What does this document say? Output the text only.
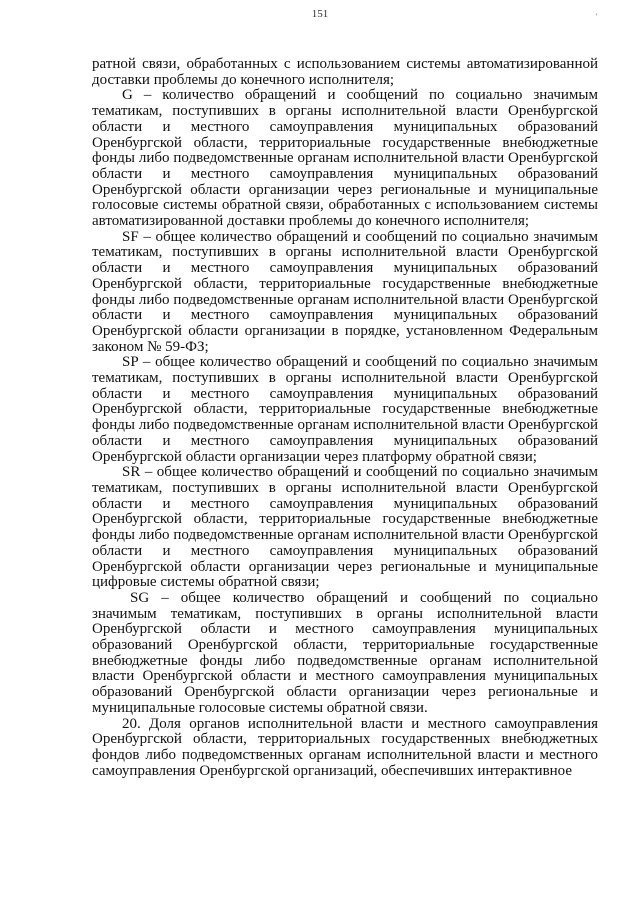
151	'

ратной связи, обработанных с использованием системы автоматизированной доставки проблемы до конечного исполнителя;

G – количество обращений и сообщений по социально значимым тематикам, поступивших в органы исполнительной власти Оренбургской области и местного самоуправления муниципальных образований Оренбургской области, территориальные государственные внебюджетные фонды либо подведомственные органам исполнительной власти Оренбургской области и местного самоуправления муниципальных образований Оренбургской области организации через региональные и муниципальные голосовые системы обратной связи, обработанных с использованием системы автоматизированной доставки проблемы до конечного исполнителя;

SF – общее количество обращений и сообщений по социально значимым тематикам, поступивших в органы исполнительной власти Оренбургской области и местного самоуправления муниципальных образований Оренбургской области, территориальные государственные внебюджетные фонды либо подведомственные органам исполнительной власти Оренбургской области и местного самоуправления муниципальных образований Оренбургской области организации в порядке, установленном Федеральным законом № 59-ФЗ;

SP – общее количество обращений и сообщений по социально значимым тематикам, поступивших в органы исполнительной власти Оренбургской области и местного самоуправления муниципальных образований Оренбургской области, территориальные государственные внебюджетные фонды либо подведомственные органам исполнительной власти Оренбургской области и местного самоуправления муниципальных образований Оренбургской области организации через платформу обратной связи;

SR – общее количество обращений и сообщений по социально значимым тематикам, поступивших в органы исполнительной власти Оренбургской области и местного самоуправления муниципальных образований Оренбургской области, территориальные государственные внебюджетные фонды либо подведомственные органам исполнительной власти Оренбургской области и местного самоуправления муниципальных образований Оренбургской области организации через региональные и муниципальные цифровые системы обратной связи;

SG – общее количество обращений и сообщений по социально значимым тематикам, поступивших в органы исполнительной власти Оренбургской области и местного самоуправления муниципальных образований Оренбургской области, территориальные государственные внебюджетные фонды либо подведомственные органам исполнительной власти Оренбургской области и местного самоуправления муниципальных образований Оренбургской области организации через региональные и муниципальные голосовые системы обратной связи.

20. Доля органов исполнительной власти и местного самоуправления Оренбургской области, территориальных государственных внебюджетных фондов либо подведомственных органам исполнительной власти и местного самоуправления Оренбургской организаций, обеспечивших интерактивное
